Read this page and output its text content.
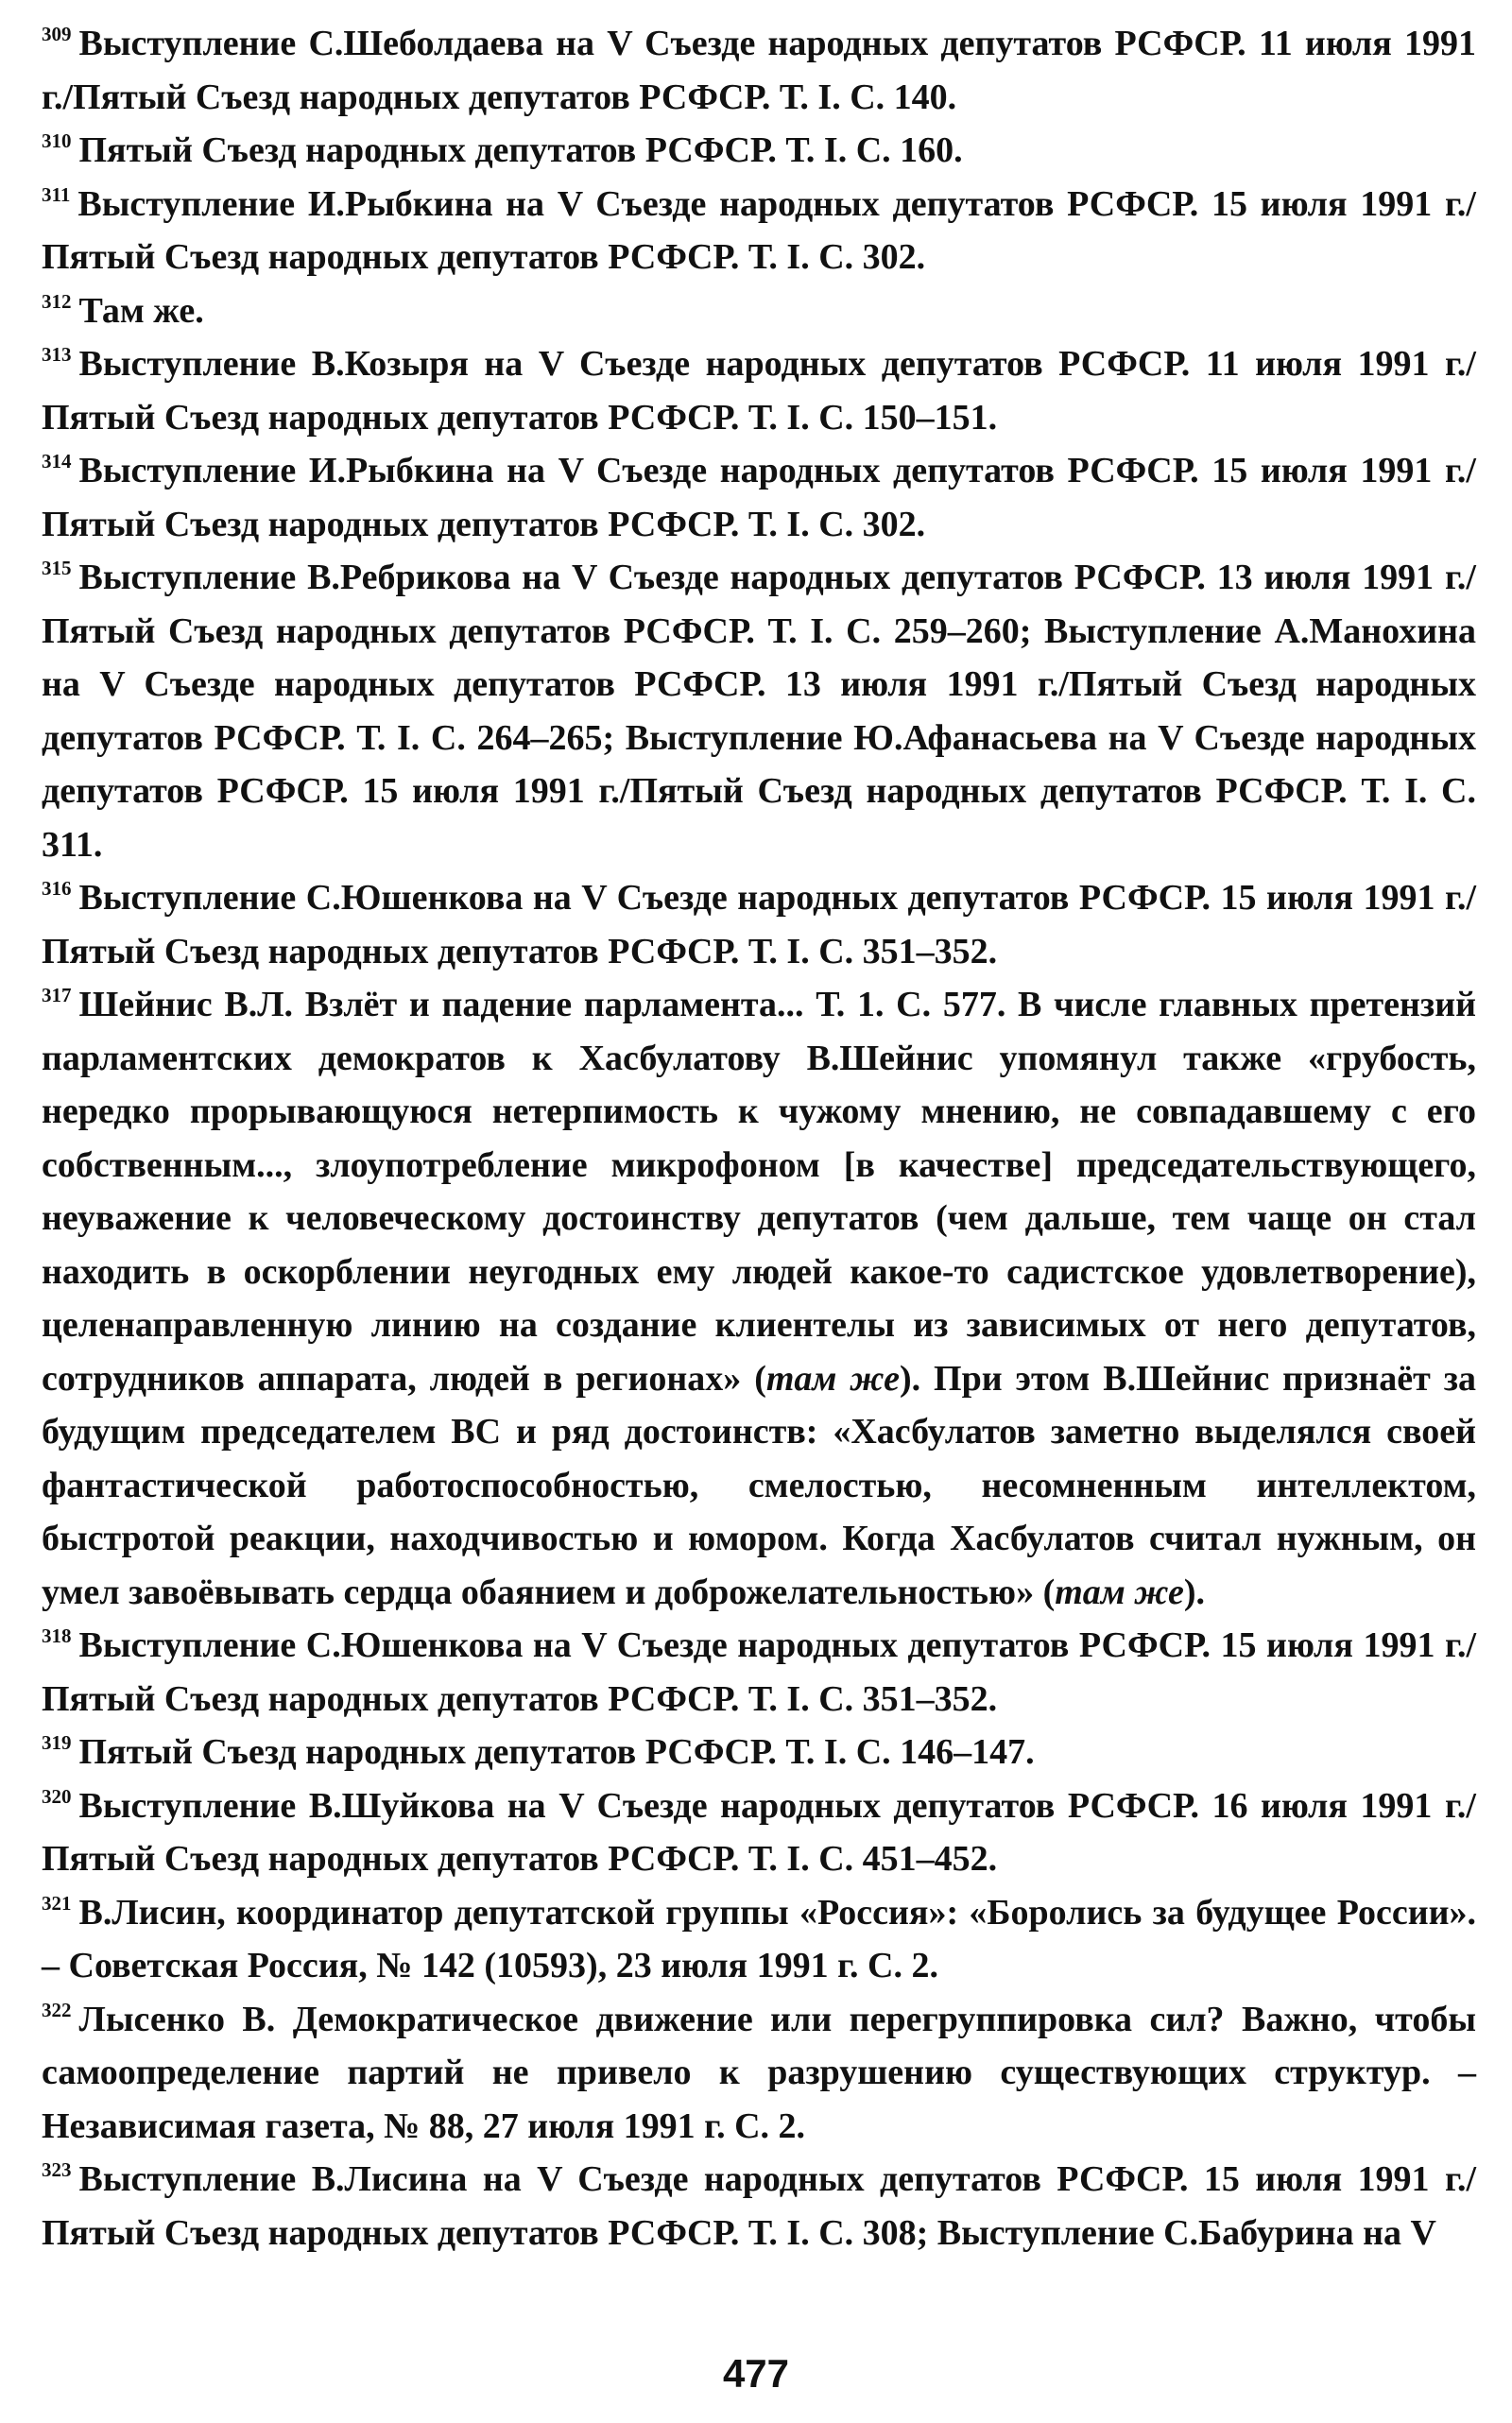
$^{309}$ Выступление С.Шеболдаева на V Съезде народных депутатов РСФСР. 11 июля 1991 г./Пятый Съезд народных депутатов РСФСР. Т. I. С. 140.

$^{310}$ Пятый Съезд народных депутатов РСФСР. Т. I. С. 160.

$^{311}$ Выступление И.Рыбкина на V Съезде народных депутатов РСФСР. 15 июля 1991 г./Пятый Съезд народных депутатов РСФСР. Т. I. С. 302.

$^{312}$ Там же.

$^{313}$ Выступление В.Козыря на V Съезде народных депутатов РСФСР. 11 июля 1991 г./ Пятый Съезд народных депутатов РСФСР. Т. I. С. 150–151.

$^{314}$ Выступление И.Рыбкина на V Съезде народных депутатов РСФСР. 15 июля 1991 г./ Пятый Съезд народных депутатов РСФСР. Т. I. С. 302.

$^{315}$ Выступление В.Ребрикова на V Съезде народных депутатов РСФСР. 13 июля 1991 г./Пятый Съезд народных депутатов РСФСР. Т. I. С. 259–260; Выступление А.Манохина на V Съезде народных депутатов РСФСР. 13 июля 1991 г./Пятый Съезд народных депутатов РСФСР. Т. I. С. 264–265; Выступление Ю.Афанасьева на V Съезде народных депутатов РСФСР. 15 июля 1991 г./Пятый Съезд народных депутатов РСФСР. Т. I. С. 311.

$^{316}$ Выступление С.Юшенкова на V Съезде народных депутатов РСФСР. 15 июля 1991 г./Пятый Съезд народных депутатов РСФСР. Т. I. С. 351–352.

$^{317}$ Шейнис В.Л. Взлёт и падение парламента... Т. 1. С. 577. В числе главных претензий парламентских демократов к Хасбулатову В.Шейнис упомянул также «грубость, нередко прорывающуюся нетерпимость к чужому мнению, не совпадавшему с его собственным..., злоупотребление микрофоном [в качестве] председательствующего, неуважение к человеческому достоинству депутатов (чем дальше, тем чаще он стал находить в оскорблении неугодных ему людей какое-то садистское удовлетворение), целенаправленную линию на создание клиентелы из зависимых от него депутатов, сотрудников аппарата, людей в регионах» (там же). При этом В.Шейнис признаёт за будущим председателем ВС и ряд достоинств: «Хасбулатов заметно выделялся своей фантастической работоспособностью, смелостью, несомненным интеллектом, быстротой реакции, находчивостью и юмором. Когда Хасбулатов считал нужным, он умел завоёвывать сердца обаянием и доброжелательностью» (там же).

$^{318}$ Выступление С.Юшенкова на V Съезде народных депутатов РСФСР. 15 июля 1991 г./Пятый Съезд народных депутатов РСФСР. Т. I. С. 351–352.

$^{319}$ Пятый Съезд народных депутатов РСФСР. Т. I. С. 146–147.

$^{320}$ Выступление В.Шуйкова на V Съезде народных депутатов РСФСР. 16 июля 1991 г./ Пятый Съезд народных депутатов РСФСР. Т. I. С. 451–452.

$^{321}$ В.Лисин, координатор депутатской группы «Россия»: «Боролись за будущее России». – Советская Россия, № 142 (10593), 23 июля 1991 г. С. 2.

$^{322}$ Лысенко В. Демократическое движение или перегруппировка сил? Важно, чтобы самоопределение партий не привело к разрушению существующих структур. – Независимая газета, № 88, 27 июля 1991 г. С. 2.

$^{323}$ Выступление В.Лисина на V Съезде народных депутатов РСФСР. 15 июля 1991 г./ Пятый Съезд народных депутатов РСФСР. Т. I. С. 308; Выступление С.Бабурина на V

477
